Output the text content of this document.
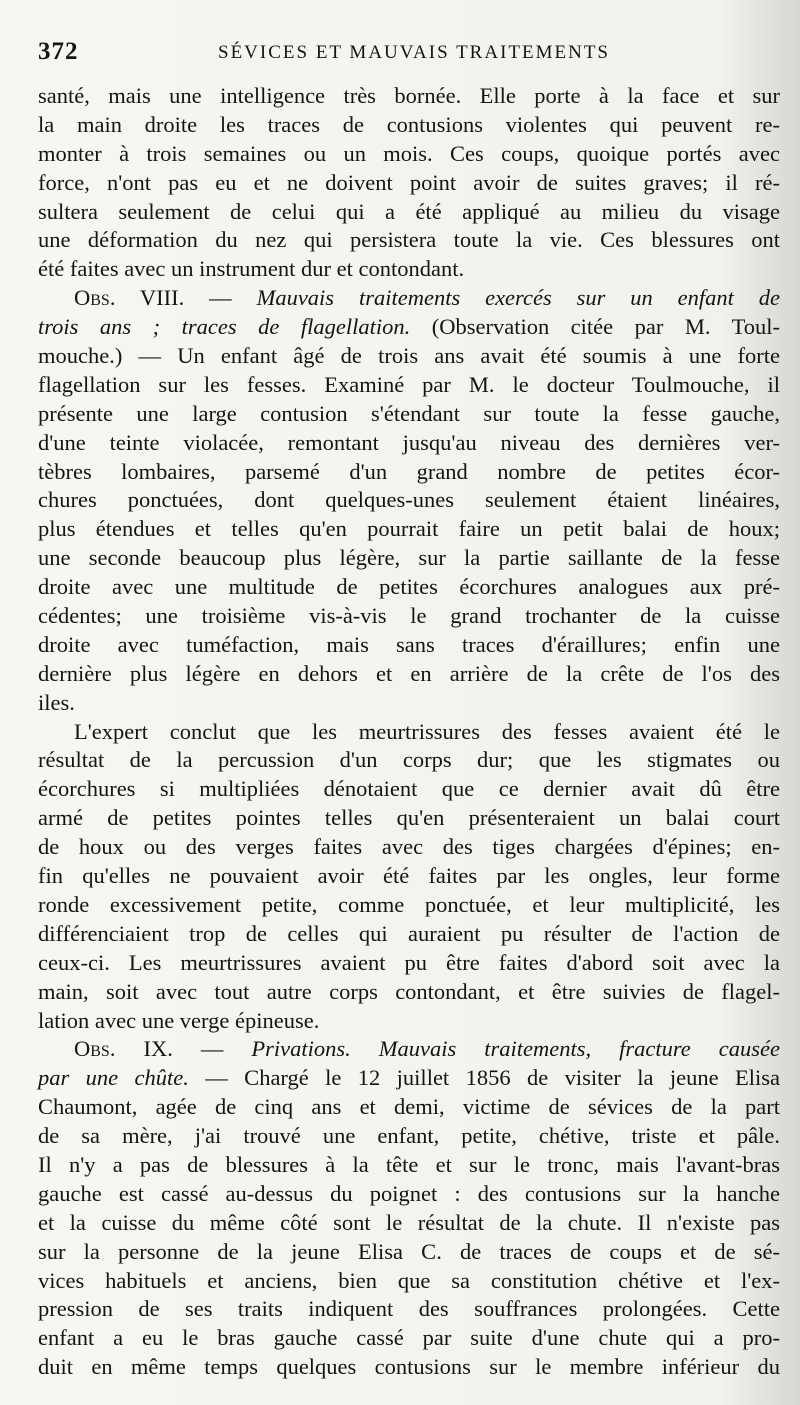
372	SÉVICES ET MAUVAIS TRAITEMENTS
santé, mais une intelligence très bornée. Elle porte à la face et sur
la main droite les traces de contusions violentes qui peuvent re-
monter à trois semaines ou un mois. Ces coups, quoique portés avec
force, n'ont pas eu et ne doivent point avoir de suites graves; il ré-
sultera seulement de celui qui a été appliqué au milieu du visage
une déformation du nez qui persistera toute la vie. Ces blessures ont
été faites avec un instrument dur et contondant.
Obs. VIII. — Mauvais traitements exercés sur un enfant de
trois ans ; traces de flagellation. (Observation citée par M. Toul-
mouche.) — Un enfant âgé de trois ans avait été soumis à une forte
flagellation sur les fesses. Examiné par M. le docteur Toulmouche, il
présente une large contusion s'étendant sur toute la fesse gauche,
d'une teinte violacée, remontant jusqu'au niveau des dernières ver-
tèbres lombaires, parsemé d'un grand nombre de petites écor-
chures ponctuées, dont quelques-unes seulement étaient linéaires,
plus étendues et telles qu'en pourrait faire un petit balai de houx;
une seconde beaucoup plus légère, sur la partie saillante de la fesse
droite avec une multitude de petites écorchures analogues aux pré-
cédentes; une troisième vis-à-vis le grand trochanter de la cuisse
droite avec tuméfaction, mais sans traces d'éraillures; enfin une
dernière plus légère en dehors et en arrière de la crête de l'os des
iles.
L'expert conclut que les meurtrissures des fesses avaient été le
résultat de la percussion d'un corps dur; que les stigmates ou
écorchures si multipliées dénotaient que ce dernier avait dû être
armé de petites pointes telles qu'en présenteraient un balai court
de houx ou des verges faites avec des tiges chargées d'épines; en-
fin qu'elles ne pouvaient avoir été faites par les ongles, leur forme
ronde excessivement petite, comme ponctuée, et leur multiplicité, les
différenciaient trop de celles qui auraient pu résulter de l'action de
ceux-ci. Les meurtrissures avaient pu être faites d'abord soit avec la
main, soit avec tout autre corps contondant, et être suivies de flagel-
lation avec une verge épineuse.
Obs. IX. — Privations. Mauvais traitements, fracture causée
par une chûte. — Chargé le 12 juillet 1856 de visiter la jeune Elisa
Chaumont, agée de cinq ans et demi, victime de sévices de la part
de sa mère, j'ai trouvé une enfant, petite, chétive, triste et pâle.
Il n'y a pas de blessures à la tête et sur le tronc, mais l'avant-bras
gauche est cassé au-dessus du poignet : des contusions sur la hanche
et la cuisse du même côté sont le résultat de la chute. Il n'existe pas
sur la personne de la jeune Elisa C. de traces de coups et de sé-
vices habituels et anciens, bien que sa constitution chétive et l'ex-
pression de ses traits indiquent des souffrances prolongées. Cette
enfant a eu le bras gauche cassé par suite d'une chute qui a pro-
duit en même temps quelques contusions sur le membre inférieur du
